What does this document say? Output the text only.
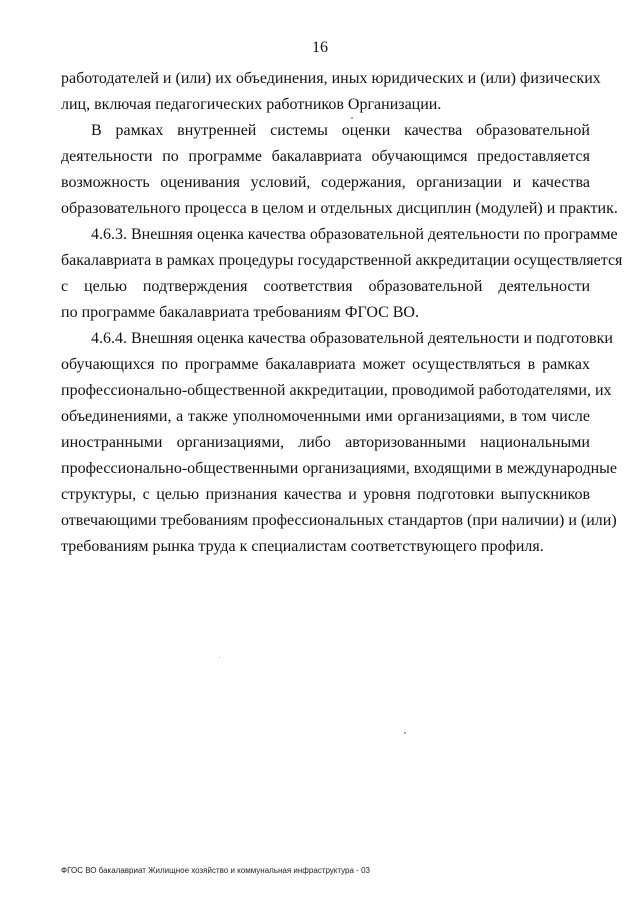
16

работодателей и (или) их объединения, иных юридических и (или) физических
лиц, включая педагогических работников Организации.

В рамках внутренней системы оценки качества образовательной
деятельности по программе бакалавриата обучающимся предоставляется
возможность оценивания условий, содержания, организации и качества
образовательного процесса в целом и отдельных дисциплин (модулей) и практик.

4.6.3. Внешняя оценка качества образовательной деятельности по программе
бакалавриата в рамках процедуры государственной аккредитации осуществляется
с целью подтверждения соответствия образовательной деятельности
по программе бакалавриата требованиям ФГОС ВО.

4.6.4. Внешняя оценка качества образовательной деятельности и подготовки
обучающихся по программе бакалавриата может осуществляться в рамках
профессионально-общественной аккредитации, проводимой работодателями, их
объединениями, а также уполномоченными ими организациями, в том числе
иностранными организациями, либо авторизованными национальными
профессионально-общественными организациями, входящими в международные
структуры, с целью признания качества и уровня подготовки выпускников
отвечающими требованиям профессиональных стандартов (при наличии) и (или)
требованиям рынка труда к специалистам соответствующего профиля.

ФГОС ВО бакалавриат Жилищное хозяйство и коммунальная инфраструктура - 03
